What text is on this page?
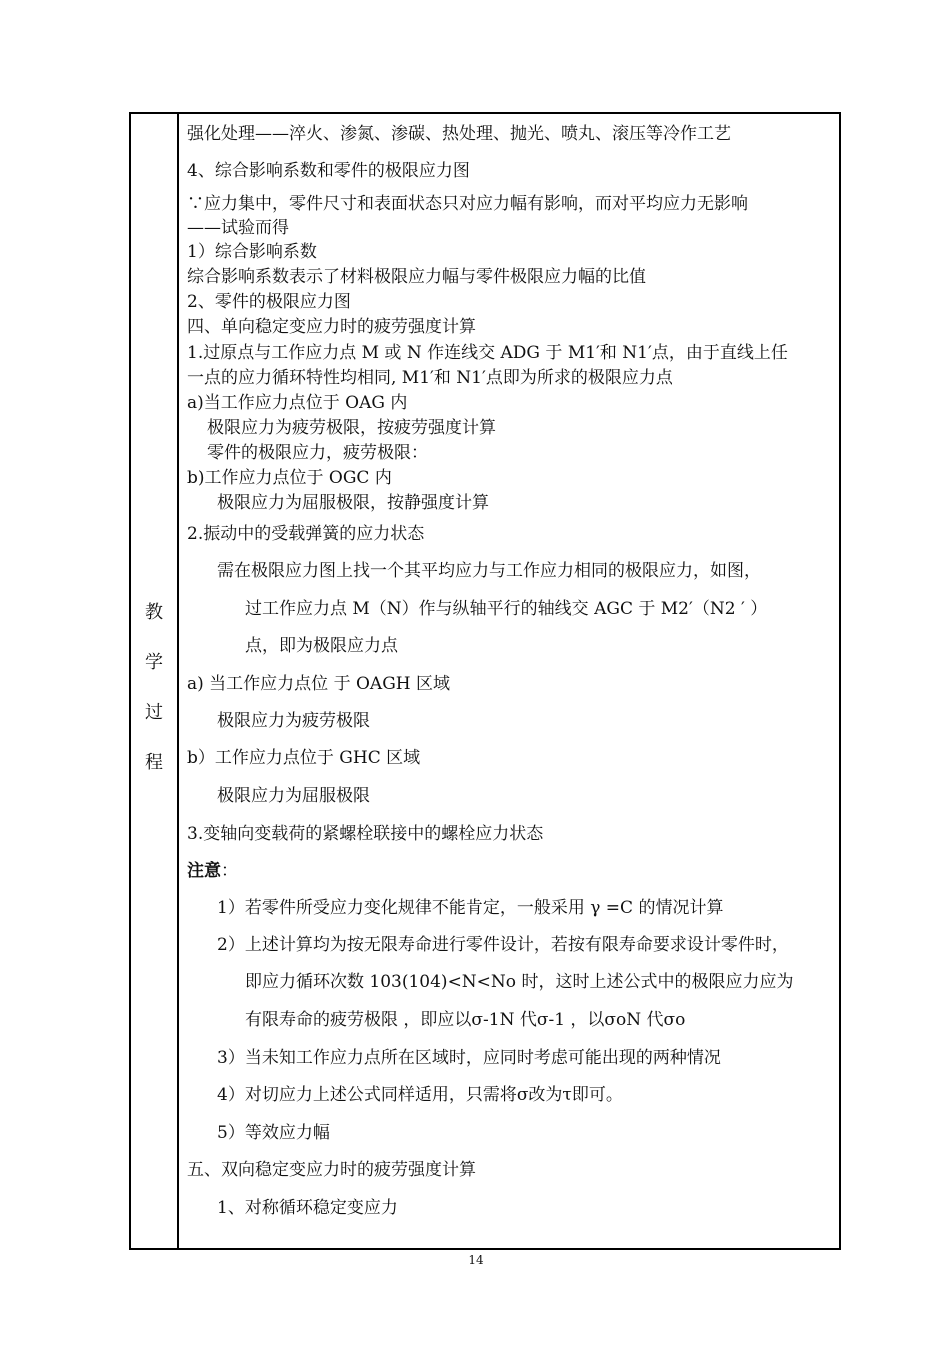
教
学
过
程
强化处理——淬火、渗氮、渗碳、热处理、抛光、喷丸、滚压等冷作工艺
4、综合影响系数和零件的极限应力图
∵应力集中，零件尺寸和表面状态只对应力幅有影响，而对平均应力无影响
——试验而得
1）综合影响系数
综合影响系数表示了材料极限应力幅与零件极限应力幅的比值
2、零件的极限应力图
四、单向稳定变应力时的疲劳强度计算
1.过原点与工作应力点 M 或 N 作连线交 ADG 于 M1′和 N1′点，由于直线上任
一点的应力循环特性均相同, M1′和 N1′点即为所求的极限应力点
a)当工作应力点位于 OAG 内
极限应力为疲劳极限，按疲劳强度计算
零件的极限应力，疲劳极限：
b)工作应力点位于 OGC 内
极限应力为屈服极限，按静强度计算
2.振动中的受载弹簧的应力状态
需在极限应力图上找一个其平均应力与工作应力相同的极限应力，如图，
过工作应力点 M（N）作与纵轴平行的轴线交 AGC 于 M2′（N2 ′ ）
点，即为极限应力点
a) 当工作应力点位 于 OAGH 区域
极限应力为疲劳极限
b）工作应力点位于 GHC 区域
极限应力为屈服极限
3.变轴向变载荷的紧螺栓联接中的螺栓应力状态
注意：
1）若零件所受应力变化规律不能肯定，一般采用 γ =C 的情况计算
2）上述计算均为按无限寿命进行零件设计，若按有限寿命要求设计零件时，
即应力循环次数 103(104)<N<No 时，这时上述公式中的极限应力应为
有限寿命的疲劳极限 ，即应以σ-1N 代σ-1 ，以σoN 代σo
3）当未知工作应力点所在区域时，应同时考虑可能出现的两种情况
4）对切应力上述公式同样适用，只需将σ改为τ即可。
5）等效应力幅
五、双向稳定变应力时的疲劳强度计算
1、对称循环稳定变应力
14
